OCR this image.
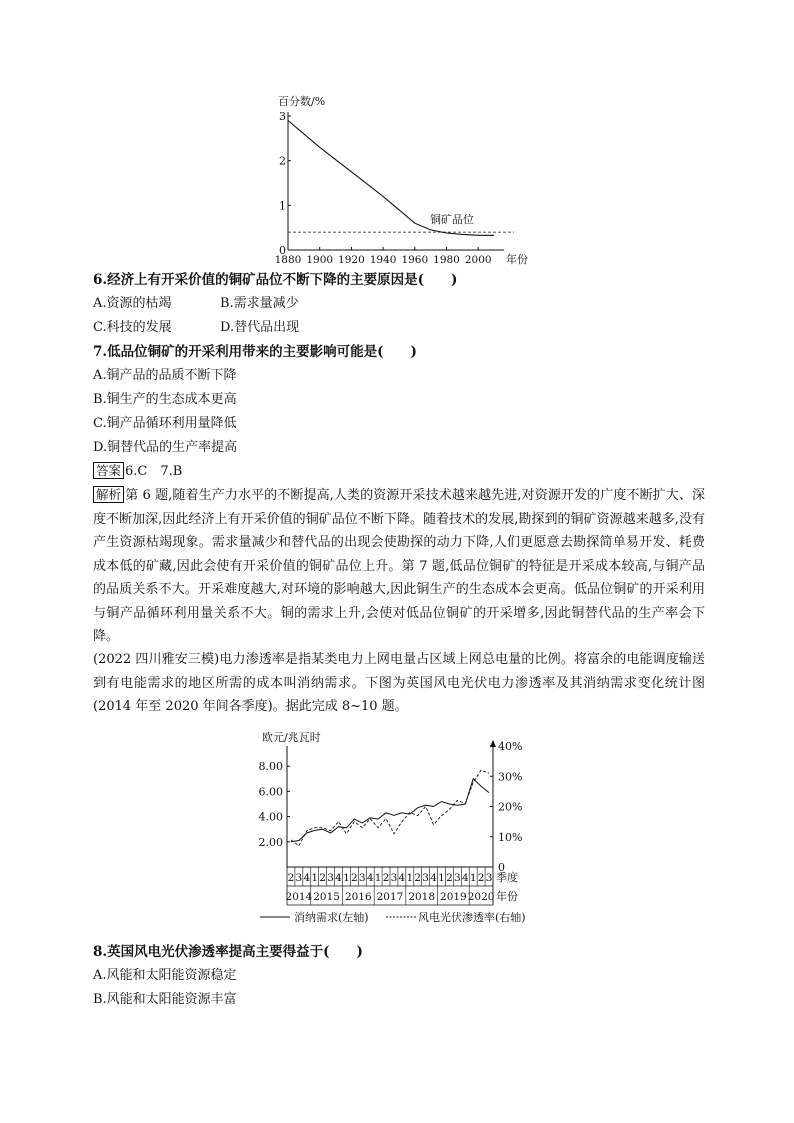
百分数/%
0
1
2
3
1880 1900 1920 1940 1960 1980 2000
铜矿品位
年份
6.经济上有开采价值的铜矿品位不断下降的主要原因是(　　)
A.资源的枯竭	B.需求量减少
C.科技的发展	D.替代品出现
7.低品位铜矿的开采利用带来的主要影响可能是(　　)
A.铜产品的品质不断下降
B.铜生产的生态成本更高
C.铜产品循环利用量降低
D.铜替代品的生产率提高
答案 6.C　7.B
解析 第 6 题,随着生产力水平的不断提高,人类的资源开采技术越来越先进,对资源开发的广度不断扩大、深度不断加深,因此经济上有开采价值的铜矿品位不断下降。随着技术的发展,勘探到的铜矿资源越来越多,没有产生资源枯竭现象。需求量减少和替代品的出现会使勘探的动力下降,人们更愿意去勘探简单易开发、耗费成本低的矿藏,因此会使有开采价值的铜矿品位上升。第 7 题,低品位铜矿的特征是开采成本较高,与铜产品的品质关系不大。开采难度越大,对环境的影响越大,因此铜生产的生态成本会更高。低品位铜矿的开采利用与铜产品循环利用量关系不大。铜的需求上升,会使对低品位铜矿的开采增多,因此铜替代品的生产率会下降。
(2022 四川雅安三模)电力渗透率是指某类电力上网电量占区域上网总电量的比例。将富余的电能调度输送到有电能需求的地区所需的成本叫消纳需求。下图为英国风电光伏电力渗透率及其消纳需求变化统计图(2014 年至 2020 年间各季度)。据此完成 8~10 题。
欧元/兆瓦时
2.00
4.00
6.00
8.00
0
10%
20%
30%
40%
2 3 4 1 2 3 4 1 2 3 4 1 2 3 4 1 2 3 4 1 2 3 4 1 2 3
2014 2015 2016 2017 2018 2019 2020
季度
年份
消纳需求(左轴)	风电光伏渗透率(右轴)
8.英国风电光伏渗透率提高主要得益于(　　)
A.风能和太阳能资源稳定
B.风能和太阳能资源丰富
